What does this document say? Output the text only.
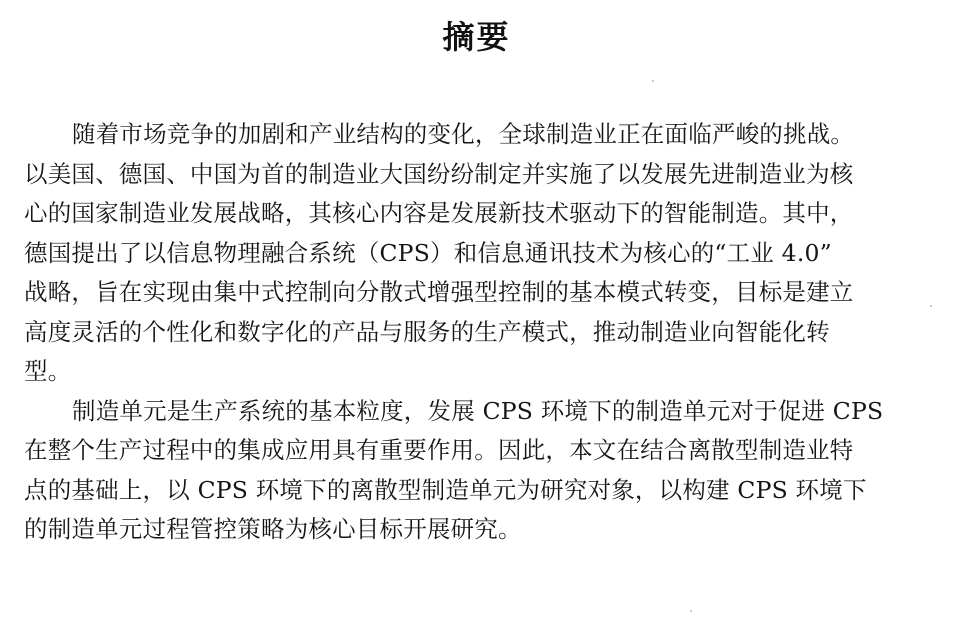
摘要
随着市场竞争的加剧和产业结构的变化，全球制造业正在面临严峻的挑战。
以美国、德国、中国为首的制造业大国纷纷制定并实施了以发展先进制造业为核
心的国家制造业发展战略，其核心内容是发展新技术驱动下的智能制造。其中，
德国提出了以信息物理融合系统（CPS）和信息通讯技术为核心的“工业 4.0”
战略，旨在实现由集中式控制向分散式增强型控制的基本模式转变，目标是建立
高度灵活的个性化和数字化的产品与服务的生产模式，推动制造业向智能化转
型。
制造单元是生产系统的基本粒度，发展 CPS 环境下的制造单元对于促进 CPS
在整个生产过程中的集成应用具有重要作用。因此，本文在结合离散型制造业特
点的基础上，以 CPS 环境下的离散型制造单元为研究对象，以构建 CPS 环境下
的制造单元过程管控策略为核心目标开展研究。
